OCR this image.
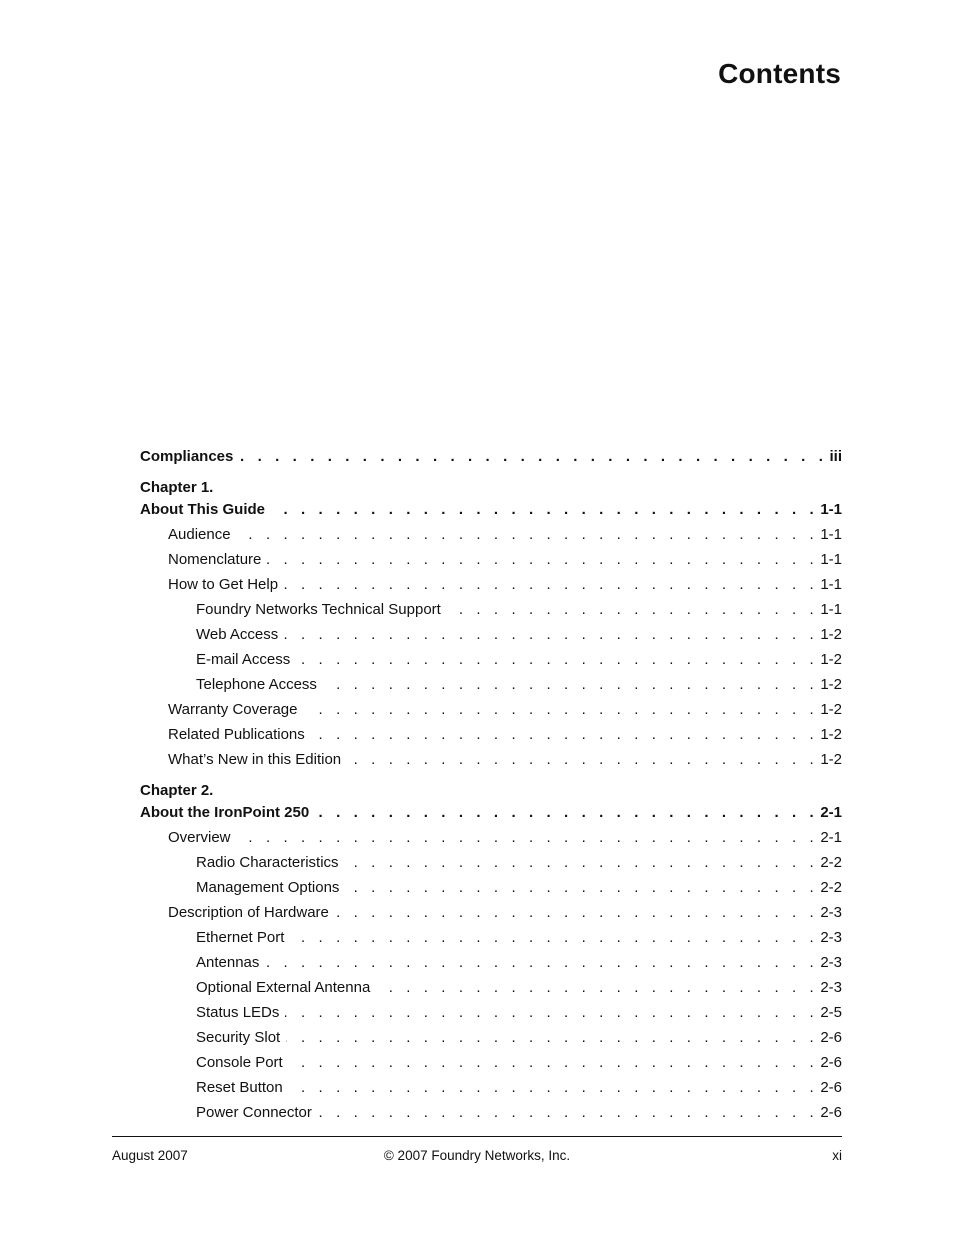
Contents
Compliances . . .	iii
Chapter 1.
About This Guide . . .	1-1
Audience . . .	1-1
Nomenclature . . .	1-1
How to Get Help . . .	1-1
Foundry Networks Technical Support . . .	1-1
Web Access . . .	1-2
E-mail Access . . .	1-2
Telephone Access . . .	1-2
Warranty Coverage . . .	1-2
Related Publications . . .	1-2
What’s New in this Edition . . .	1-2
Chapter 2.
About the IronPoint 250 . . .	2-1
Overview . . .	2-1
Radio Characteristics . . .	2-2
Management Options . . .	2-2
Description of Hardware . . .	2-3
Ethernet Port . . .	2-3
Antennas . . .	2-3
Optional External Antenna . . .	2-3
Status LEDs . . .	2-5
Security Slot . . .	2-6
Console Port . . .	2-6
Reset Button . . .	2-6
Power Connector . . .	2-6
August 2007	© 2007 Foundry Networks, Inc.	xi
